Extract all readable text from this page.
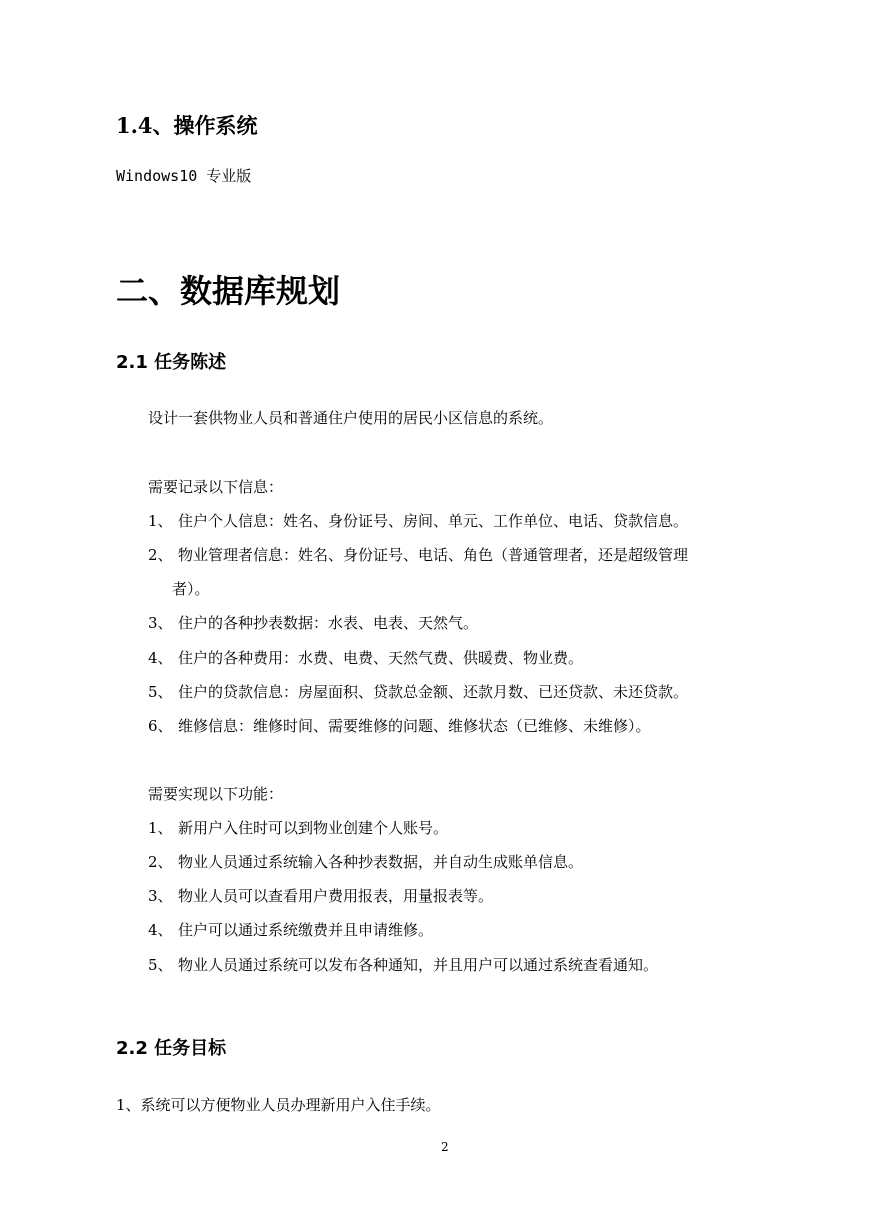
1.4、操作系统
Windows10 专业版
二、数据库规划
2.1 任务陈述
设计一套供物业人员和普通住户使用的居民小区信息的系统。
需要记录以下信息：
1、 住户个人信息：姓名、身份证号、房间、单元、工作单位、电话、贷款信息。
2、 物业管理者信息：姓名、身份证号、电话、角色（普通管理者，还是超级管理
者）。
3、 住户的各种抄表数据：水表、电表、天然气。
4、 住户的各种费用：水费、电费、天然气费、供暖费、物业费。
5、 住户的贷款信息：房屋面积、贷款总金额、还款月数、已还贷款、未还贷款。
6、 维修信息：维修时间、需要维修的问题、维修状态（已维修、未维修）。
需要实现以下功能：
1、 新用户入住时可以到物业创建个人账号。
2、 物业人员通过系统输入各种抄表数据，并自动生成账单信息。
3、 物业人员可以查看用户费用报表，用量报表等。
4、 住户可以通过系统缴费并且申请维修。
5、 物业人员通过系统可以发布各种通知，并且用户可以通过系统查看通知。
2.2 任务目标
1、系统可以方便物业人员办理新用户入住手续。
2
